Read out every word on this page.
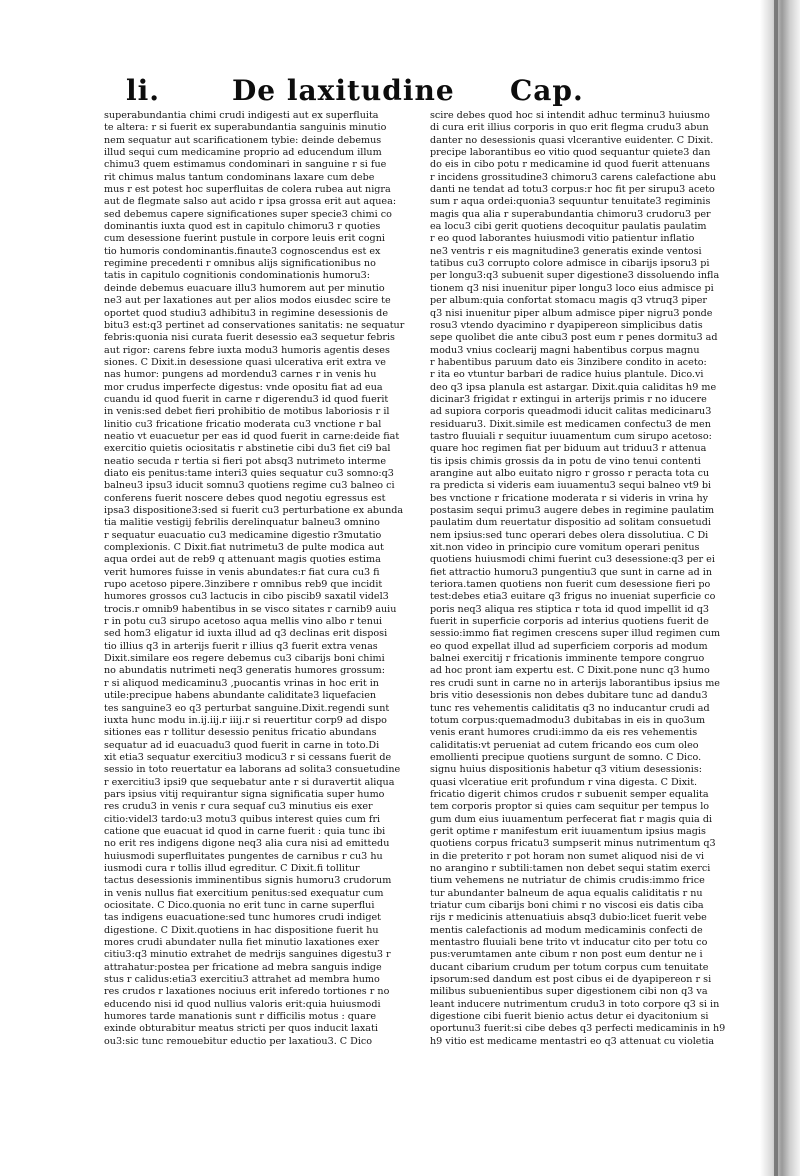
li.	De laxitudine Cap.
superabundantia chimi crudi indigesti aut ex superfluita
te altera: r si fuerit ex superabundantia sanguinis minutio
nem sequatur aut scarificationem tybie: deinde debemus
illud sequi cum medicamine proprio ad educendum illum
chimu3 quem estimamus condominari in sanguine r si fue
rit chimus malus tantum condominans laxare cum debe
mus r est potest hoc superfluitas de colera rubea aut nigra
aut de flegmate salso aut acido r ipsa grossa erit aut aquea:
sed debemus capere significationes super specie3 chimi co
dominantis iuxta quod est in capitulo chimoru3 r quoties
cum desessione fuerint pustule in corpore leuis erit cogni
tio humoris condominantis.finaute3 cognoscendus est ex
regimine precedenti r omnibus alijs significationibus no
tatis in capitulo cognitionis condominationis humoru3:
deinde debemus euacuare illu3 humorem aut per minutio
ne3 aut per laxationes aut per alios modos eiusdec scire te
oportet quod studiu3 adhibitu3 in regimine desessionis de
bitu3 est:q3 pertinet ad conservationes sanitatis: ne sequatur
febris:quonia nisi curata fuerit desessio ea3 sequetur febris
aut rigor: carens febre iuxta modu3 humoris agentis deses
siones. C Dixit.in desessione quasi ulcerativa erit extra ve
nas humor: pungens ad mordendu3 carnes r in venis hu
mor crudus imperfecte digestus: vnde opositu fiat ad eua
cuandu id quod fuerit in carne r digerendu3 id quod fuerit
in venis:sed debet fieri prohibitio de motibus laboriosis r il
linitio cu3 fricatione fricatio moderata cu3 vnctione r bal
neatio vt euacuetur per eas id quod fuerit in carne:deide fiat
exercitio quietis ociositatis r abstinetie cibi du3 fiet ci9 bal
neatio secuda r tertia si fieri pot absq3 nutrimeto interme
diato eis penitus:tame interi3 quies sequatur cu3 somno:q3
balneu3 ipsu3 iducit somnu3 quotiens regime cu3 balneo ci
conferens fuerit noscere debes quod negotiu egressus est
ipsa3 dispositione3:sed si fuerit cu3 perturbatione ex abunda
tia malitie vestigij febrilis derelinquatur balneu3 omnino
r sequatur euacuatio cu3 medicamine digestio r3mutatio
complexionis. C Dixit.fiat nutrimetu3 de pulte modica aut
aqua ordei aut de reb9 q attenuant magis quoties estima
verit humores fuisse in venis abundates:r fiat cura cu3 fi
rupo acetoso pipere.3inzibere r omnibus reb9 que incidit
humores grossos cu3 lactucis in cibo piscib9 saxatil videl3
trocis.r omnib9 habentibus in se visco sitates r carnib9 auiu
r in potu cu3 sirupo acetoso aqua mellis vino albo r tenui
sed hom3 eligatur id iuxta illud ad q3 declinas erit disposi
tio illius q3 in arterijs fuerit r illius q3 fuerit extra venas
Dixit.similare eos regere debemus cu3 cibarijs boni chimi
no abundatis nutrimeti neq3 generatis humores grossum:
r si aliquod medicaminu3 ,puocantis vrinas in hoc erit in
utile:precipue habens abundante caliditate3 liquefacien
tes sanguine3 eo q3 perturbat sanguine.Dixit.regendi sunt
iuxta hunc modu in.ij.iij.r iiij.r si reuertitur corp9 ad dispo
sitiones eas r tollitur desessio penitus fricatio abundans
sequatur ad id euacuadu3 quod fuerit in carne in toto.Di
xit etia3 sequatur exercitiu3 modicu3 r si cessans fuerit de
sessio in toto reuertatur ea laborans ad solita3 consuetudine
r exercitiu3 ipsi9 que sequebatur ante r si duravertit aliqua
pars ipsius vitij requirantur signa significatia super humo
res crudu3 in venis r cura sequaf cu3 minutius eis exer
citio:videl3 tardo:u3 motu3 quibus interest quies cum fri
catione que euacuat id quod in carne fuerit : quia tunc ibi
no erit res indigens digone neq3 alia cura nisi ad emittedu
huiusmodi superfluitates pungentes de carnibus r cu3 hu
iusmodi cura r tollis illud egreditur. C Dixit.fi tollitur
tactus desessionis imminentibus signis humoru3 crudorum
in venis nullus fiat exercitium penitus:sed exequatur cum
ociositate. C Dico.quonia no erit tunc in carne superflui
tas indigens euacuatione:sed tunc humores crudi indiget
digestione. C Dixit.quotiens in hac dispositione fuerit hu
mores crudi abundater nulla fiet minutio laxationes exer
citiu3:q3 minutio extrahet de medrijs sanguines digestu3 r
attrahatur:postea per fricatione ad mebra sanguis indige
stus r calidus:etia3 exercitiu3 attrahet ad membra humo
res crudos r laxationes nociuus erit inferedo tortiones r no
educendo nisi id quod nullius valoris erit:quia huiusmodi
humores tarde manationis sunt r difficilis motus : quare
exinde obturabitur meatus stricti per quos inducit laxati
ou3:sic tunc remouebitur eductio per laxatiou3. C Dico
scire debes quod hoc si intendit adhuc terminu3 huiusmo
di cura erit illius corporis in quo erit flegma crudu3 abun
danter no desessionis quasi vlcerantive euidenter. C Dixit.
precipe laborantibus eo vitio quod sequantur quiete3 dan
do eis in cibo potu r medicamine id quod fuerit attenuans
r incidens grossitudine3 chimoru3 carens calefactione abu
danti ne tendat ad totu3 corpus:r hoc fit per sirupu3 aceto
sum r aqua ordei:quonia3 sequuntur tenuitate3 regiminis
magis qua alia r superabundantia chimoru3 crudoru3 per
ea locu3 cibi gerit quotiens decoquitur paulatis paulatim
r eo quod laborantes huiusmodi vitio patientur inflatio
ne3 ventris r eis magnitudine3 generatis exinde ventosi
tatibus cu3 corrupto colore admisce in cibarijs ipsoru3 pi
per longu3:q3 subuenit super digestione3 dissoluendo infla
tionem q3 nisi inuenitur piper longu3 loco eius admisce pi
per album:quia confortat stomacu magis q3 vtruq3 piper
q3 nisi inuenitur piper album admisce piper nigru3 ponde
rosu3 vtendo dyacimino r dyapipereon simplicibus datis
sepe quolibet die ante cibu3 post eum r penes dormitu3 ad
modu3 vnius coclearij magni habentibus corpus magnu
r habentibus paruum dato eis 3inzibere condito in aceto:
r ita eo vtuntur barbari de radice huius plantule. Dico.vi
deo q3 ipsa planula est astargar. Dixit.quia caliditas h9 me
dicinar3 frigidat r extingui in arterijs primis r no iducere
ad supiora corporis queadmodi iducit calitas medicinaru3
residuaru3. Dixit.simile est medicamen confectu3 de men
tastro fluuiali r sequitur iuuamentum cum sirupo acetoso:
quare hoc regimen fiat per biduum aut triduu3 r attenua
tis ipsis chimis grossis da in potu de vino tenui contenti
arangine aut albo euitato nigro r grosso r peracta tota cu
ra predicta si videris eam iuuamentu3 sequi balneo vt9 bi
bes vnctione r fricatione moderata r si videris in vrina hy
postasim sequi primu3 augere debes in regimine paulatim
paulatim dum reuertatur dispositio ad solitam consuetudi
nem ipsius:sed tunc operari debes olera dissolutiua. C Di
xit.non video in principio cure vomitum operari penitus
quotiens huiusmodi chimi fuerint cu3 desessione:q3 per ei
fiet attractio humoru3 pungentiu3 que sunt in carne ad in
teriora.tamen quotiens non fuerit cum desessione fieri po
test:debes etia3 euitare q3 frigus no inueniat superficie co
poris neq3 aliqua res stiptica r tota id quod impellit id q3
fuerit in superficie corporis ad interius quotiens fuerit de
sessio:immo fiat regimen crescens super illud regimen cum
eo quod expellat illud ad superficiem corporis ad modum
balnei exercitij r fricationis imminente tempore congruo
ad hoc pront iam expertu est. C Dixit.pone nunc q3 humo
res crudi sunt in carne no in arterijs laborantibus ipsius me
bris vitio desessionis non debes dubitare tunc ad dandu3
tunc res vehementis caliditatis q3 no inducantur crudi ad
totum corpus:quemadmodu3 dubitabas in eis in quo3um
venis erant humores crudi:immo da eis res vehementis
caliditatis:vt perueniat ad cutem fricando eos cum oleo
emollienti precipue quotiens surgunt de somno. C Dico.
signu huius dispositionis habetur q3 vitium desessionis:
quasi vlceratiue erit profundum r vina digesta. C Dixit.
fricatio digerit chimos crudos r subuenit semper equalita
tem corporis proptor si quies cam sequitur per tempus lo
gum dum eius iuuamentum perfecerat fiat r magis quia di
gerit optime r manifestum erit iuuamentum ipsius magis
quotiens corpus fricatu3 sumpserit minus nutrimentum q3
in die preterito r pot horam non sumet aliquod nisi de vi
no arangino r subtili:tamen non debet sequi statim exerci
tium vehemens ne nutriatur de chimis crudis:immo frice
tur abundanter balneum de aqua equalis caliditatis r nu
triatur cum cibarijs boni chimi r no viscosi eis datis ciba
rijs r medicinis attenuatiuis absq3 dubio:licet fuerit vebe
mentis calefactionis ad modum medicaminis confecti de
mentastro fluuiali bene trito vt inducatur cito per totu co
pus:verumtamen ante cibum r non post eum dentur ne i
ducant cibarium crudum per totum corpus cum tenuitate
ipsorum:sed dandum est post cibus ei de dyapipereon r si
milibus subuenientibus super digestionem cibi non q3 va
leant inducere nutrimentum crudu3 in toto corpore q3 si in
digestione cibi fuerit bienio actus detur ei dyacitonium si
oportunu3 fuerit:si cibe debes q3 perfecti medicaminis in h9
h9 vitio est medicame mentastri eo q3 attenuat cu violetia
